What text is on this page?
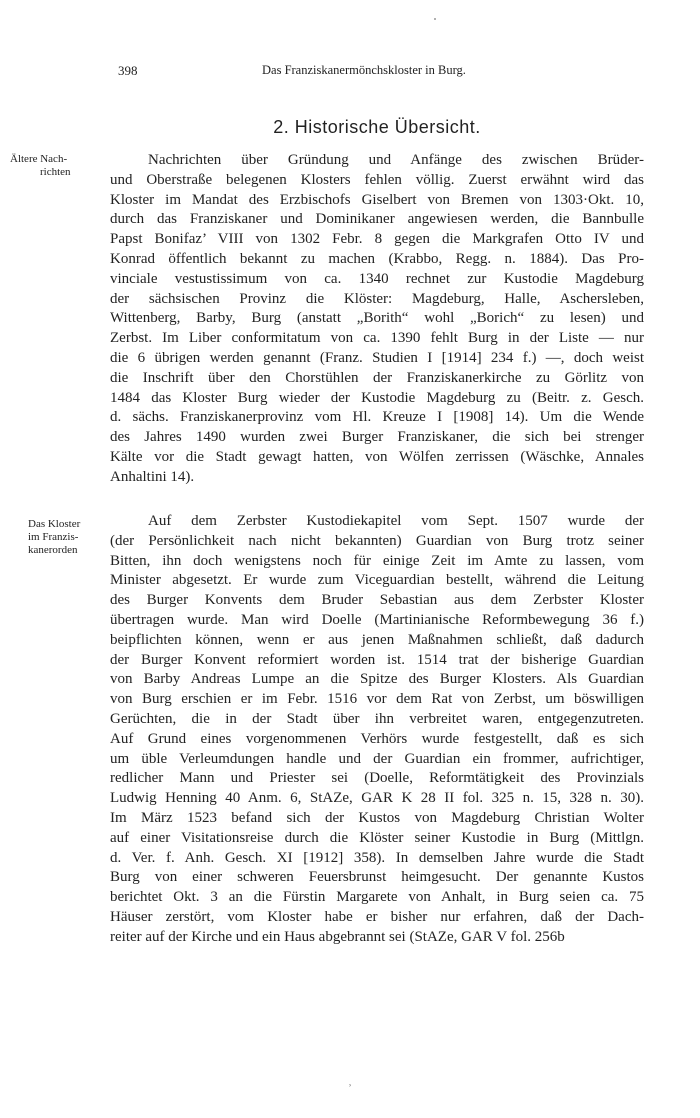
398	Das Franziskanermönchskloster in Burg.
2. Historische Übersicht.
Ältere Nach-
richten
Das Kloster
im Franzis-
kanerorden
Nachrichten über Gründung und Anfänge des zwischen Brüder-
und Oberstraße belegenen Klosters fehlen völlig. Zuerst erwähnt wird das
Kloster im Mandat des Erzbischofs Giselbert von Bremen von 1303·Okt. 10,
durch das Franziskaner und Dominikaner angewiesen werden, die Bannbulle
Papst Bonifaz’ VIII von 1302 Febr. 8 gegen die Markgrafen Otto IV und
Konrad öffentlich bekannt zu machen (Krabbo, Regg. n. 1884). Das Pro-
vinciale vestustissimum von ca. 1340 rechnet zur Kustodie Magdeburg
der sächsischen Provinz die Klöster: Magdeburg, Halle, Aschersleben,
Wittenberg, Barby, Burg (anstatt „Borith“ wohl „Borich“ zu lesen) und
Zerbst. Im Liber conformitatum von ca. 1390 fehlt Burg in der Liste — nur
die 6 übrigen werden genannt (Franz. Studien I [1914] 234 f.) —, doch weist
die Inschrift über den Chorstühlen der Franziskanerkirche zu Görlitz von
1484 das Kloster Burg wieder der Kustodie Magdeburg zu (Beitr. z. Gesch.
d. sächs. Franziskanerprovinz vom Hl. Kreuze I [1908] 14). Um die Wende
des Jahres 1490 wurden zwei Burger Franziskaner, die sich bei strenger
Kälte vor die Stadt gewagt hatten, von Wölfen zerrissen (Wäschke, Annales
Anhaltini 14).
Auf dem Zerbster Kustodiekapitel vom Sept. 1507 wurde der
(der Persönlichkeit nach nicht bekannten) Guardian von Burg trotz seiner
Bitten, ihn doch wenigstens noch für einige Zeit im Amte zu lassen, vom
Minister abgesetzt. Er wurde zum Viceguardian bestellt, während die Leitung
des Burger Konvents dem Bruder Sebastian aus dem Zerbster Kloster
übertragen wurde. Man wird Doelle (Martinianische Reformbewegung 36 f.)
beipflichten können, wenn er aus jenen Maßnahmen schließt, daß dadurch
der Burger Konvent reformiert worden ist. 1514 trat der bisherige Guardian
von Barby Andreas Lumpe an die Spitze des Burger Klosters. Als Guardian
von Burg erschien er im Febr. 1516 vor dem Rat von Zerbst, um böswilligen
Gerüchten, die in der Stadt über ihn verbreitet waren, entgegenzutreten.
Auf Grund eines vorgenommenen Verhörs wurde festgestellt, daß es sich
um üble Verleumdungen handle und der Guardian ein frommer, aufrichtiger,
redlicher Mann und Priester sei (Doelle, Reformtätigkeit des Provinzials
Ludwig Henning 40 Anm. 6, StAZe, GAR K 28 II fol. 325 n. 15, 328 n. 30).
Im März 1523 befand sich der Kustos von Magdeburg Christian Wolter
auf einer Visitationsreise durch die Klöster seiner Kustodie in Burg (Mittlgn.
d. Ver. f. Anh. Gesch. XI [1912] 358). In demselben Jahre wurde die Stadt
Burg von einer schweren Feuersbrunst heimgesucht. Der genannte Kustos
berichtet Okt. 3 an die Fürstin Margarete von Anhalt, in Burg seien ca. 75
Häuser zerstört, vom Kloster habe er bisher nur erfahren, daß der Dach-
reiter auf der Kirche und ein Haus abgebrannt sei (StAZe, GAR V fol. 256b
˒
